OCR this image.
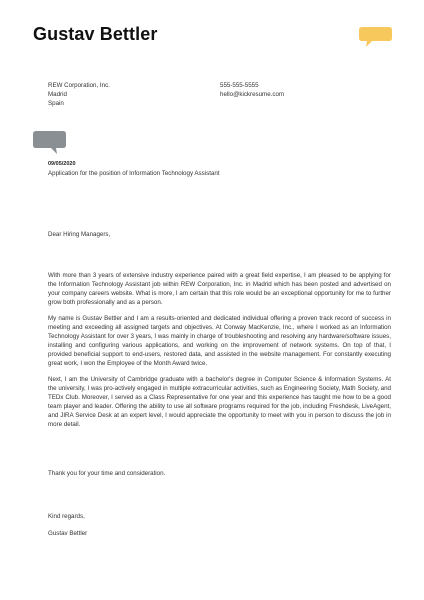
Gustav Bettler
REW Corporation, Inc.
Madrid
Spain
555-555-5555
hello@kickresume.com
09/05/2020
Application for the position of Information Technology Assistant

Dear Hiring Managers,

With more than 3 years of extensive industry experience paired with a great field expertise, I am pleased to be applying for the Information Technology Assistant job within REW Corporation, Inc. in Madrid which has been posted and advertised on your company careers website. What is more, I am certain that this role would be an exceptional opportunity for me to further grow both professionally and as a person.

My name is Gustav Bettler and I am a results-oriented and dedicated individual offering a proven track record of success in meeting and exceeding all assigned targets and objectives. At Conway MacKenzie, Inc., where I worked as an Information Technology Assistant for over 3 years, I was mainly in charge of troubleshooting and resolving any hardware/software issues, installing and configuring various applications, and working on the improvement of network systems. On top of that, I provided beneficial support to end-users, restored data, and assisted in the website management. For constantly executing great work, I won the Employee of the Month Award twice.

Next, I am the University of Cambridge graduate with a bachelor's degree in Computer Science & Information Systems. At the university, I was pro-actively engaged in multiple extracurricular activities, such as Engineering Society, Math Society, and TEDx Club. Moreover, I served as a Class Representative for one year and this experience has taught me how to be a good team player and leader. Offering the ability to use all software programs required for the job, including Freshdesk, LiveAgent, and JIRA Service Desk at an expert level, I would appreciate the opportunity to meet with you in person to discuss the job in more detail.

Thank you for your time and consideration.

Kind regards,

Gustav Bettler
